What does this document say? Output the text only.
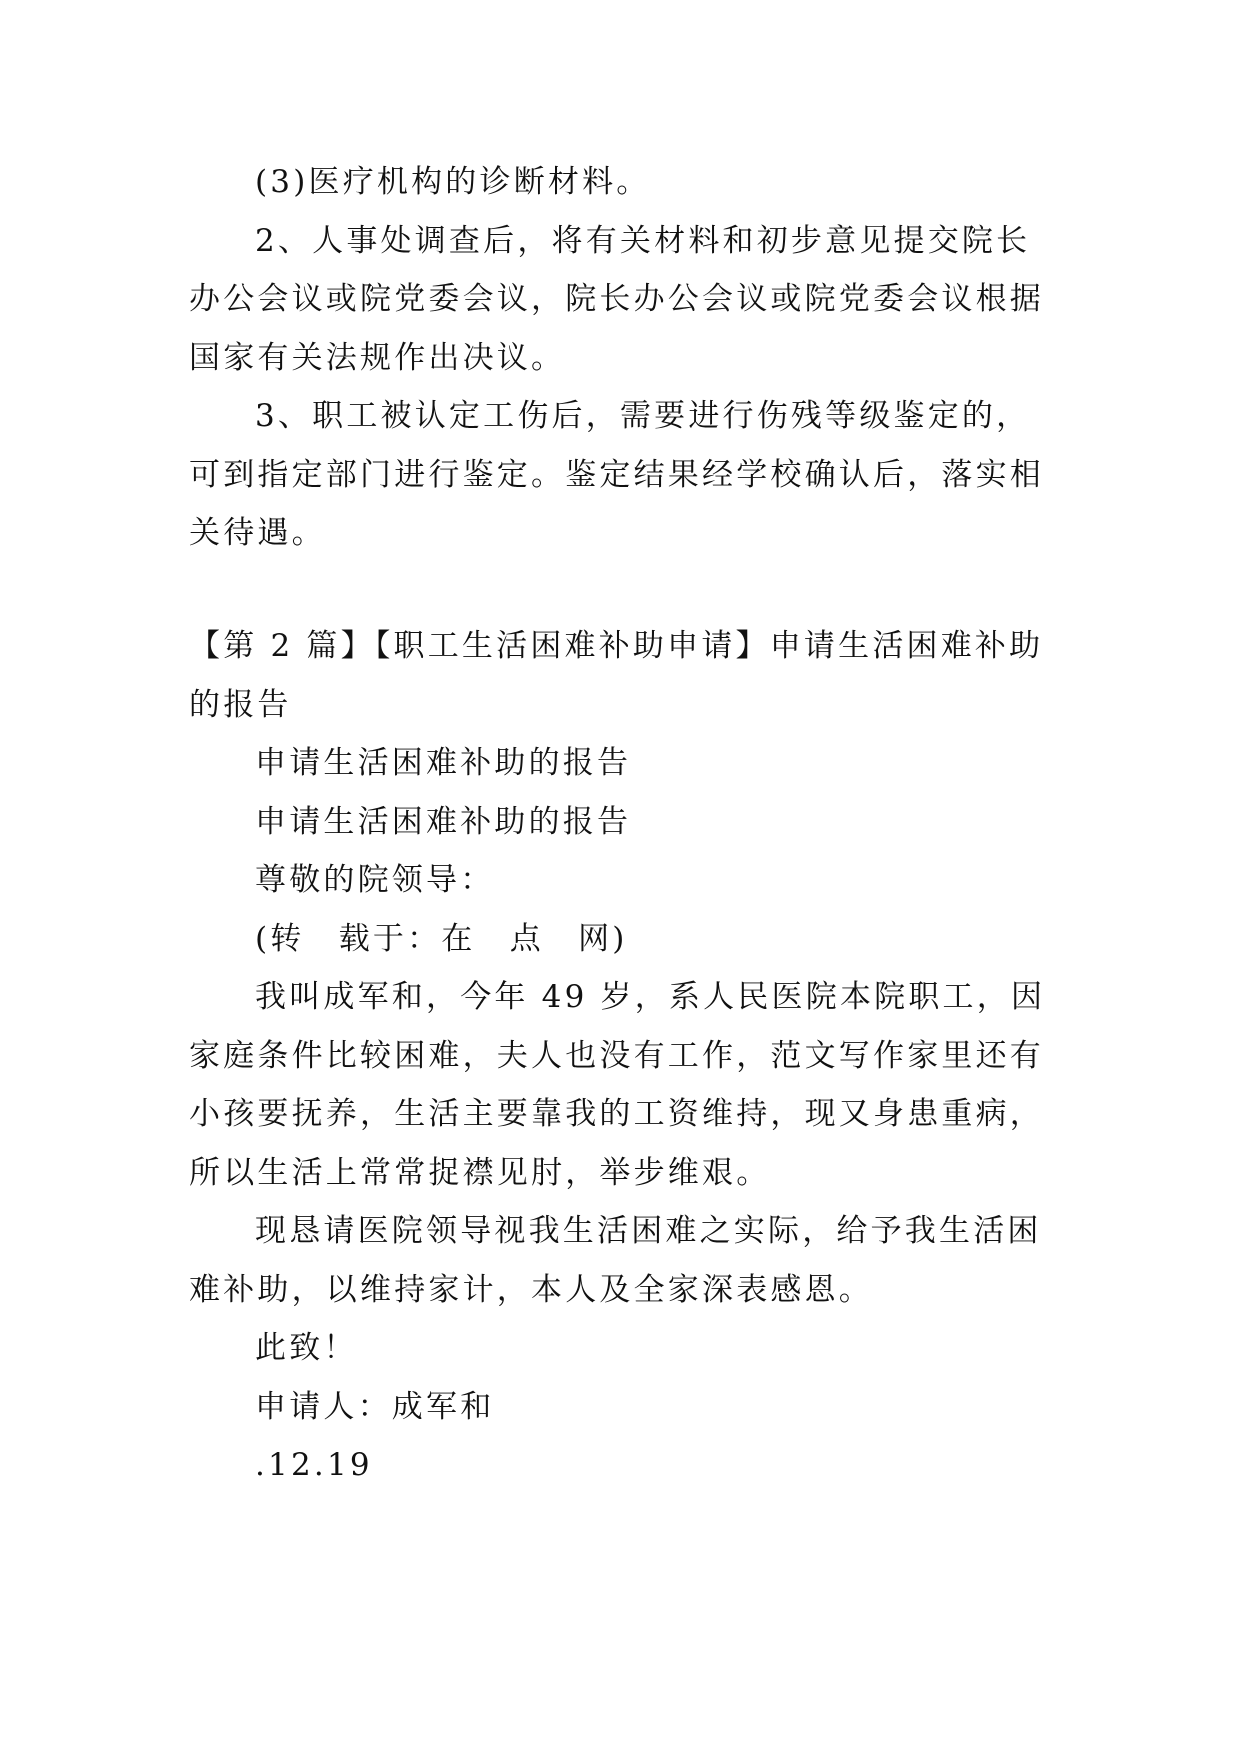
(3)医疗机构的诊断材料。

2、人事处调查后，将有关材料和初步意见提交院长办公会议或院党委会议，院长办公会议或院党委会议根据国家有关法规作出决议。

3、职工被认定工伤后，需要进行伤残等级鉴定的，可到指定部门进行鉴定。鉴定结果经学校确认后，落实相关待遇。

【第 2 篇】【职工生活困难补助申请】申请生活困难补助的报告

申请生活困难补助的报告

申请生活困难补助的报告

尊敬的院领导：

(转　载于：在　点　网)

我叫成军和，今年 49 岁，系人民医院本院职工，因家庭条件比较困难，夫人也没有工作，范文写作家里还有小孩要抚养，生活主要靠我的工资维持，现又身患重病，所以生活上常常捉襟见肘，举步维艰。

现恳请医院领导视我生活困难之实际，给予我生活困难补助，以维持家计，本人及全家深表感恩。

此致！

申请人：成军和

.12.19
